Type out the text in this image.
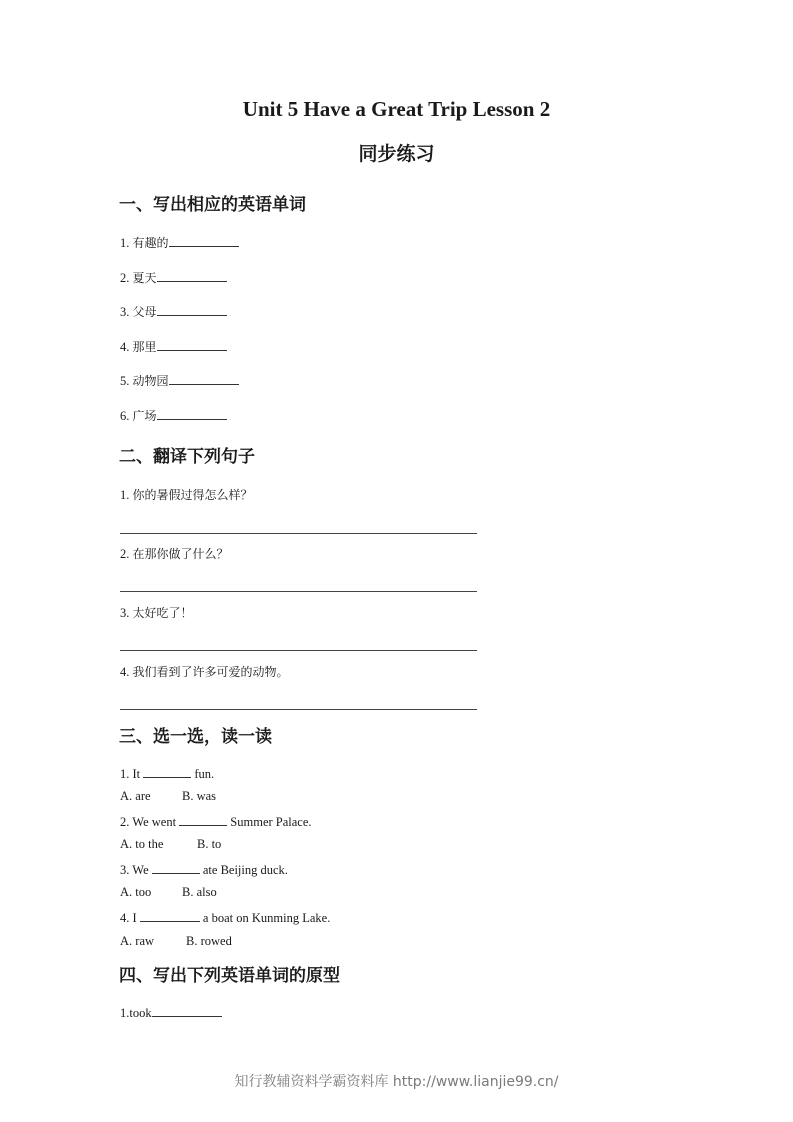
Unit 5 Have a Great Trip Lesson 2
同步练习
一、写出相应的英语单词
1. 有趣的
2. 夏天
3. 父母
4. 那里
5. 动物园
6. 广场
二、翻译下列句子
1. 你的暑假过得怎么样？
2. 在那你做了什么？
3. 太好吃了！
4. 我们看到了许多可爱的动物。
三、选一选，读一读
1. It	fun.
A. are	B. was
2. We went	Summer Palace.
A. to the	B. to
3. We	ate Beijing duck.
A. too B. also
4. I	a boat on Kunming Lake.
A. raw	B. rowed
四、写出下列英语单词的原型
1.took
知行教辅资料学霸资料库 http://www.lianjie99.cn/
